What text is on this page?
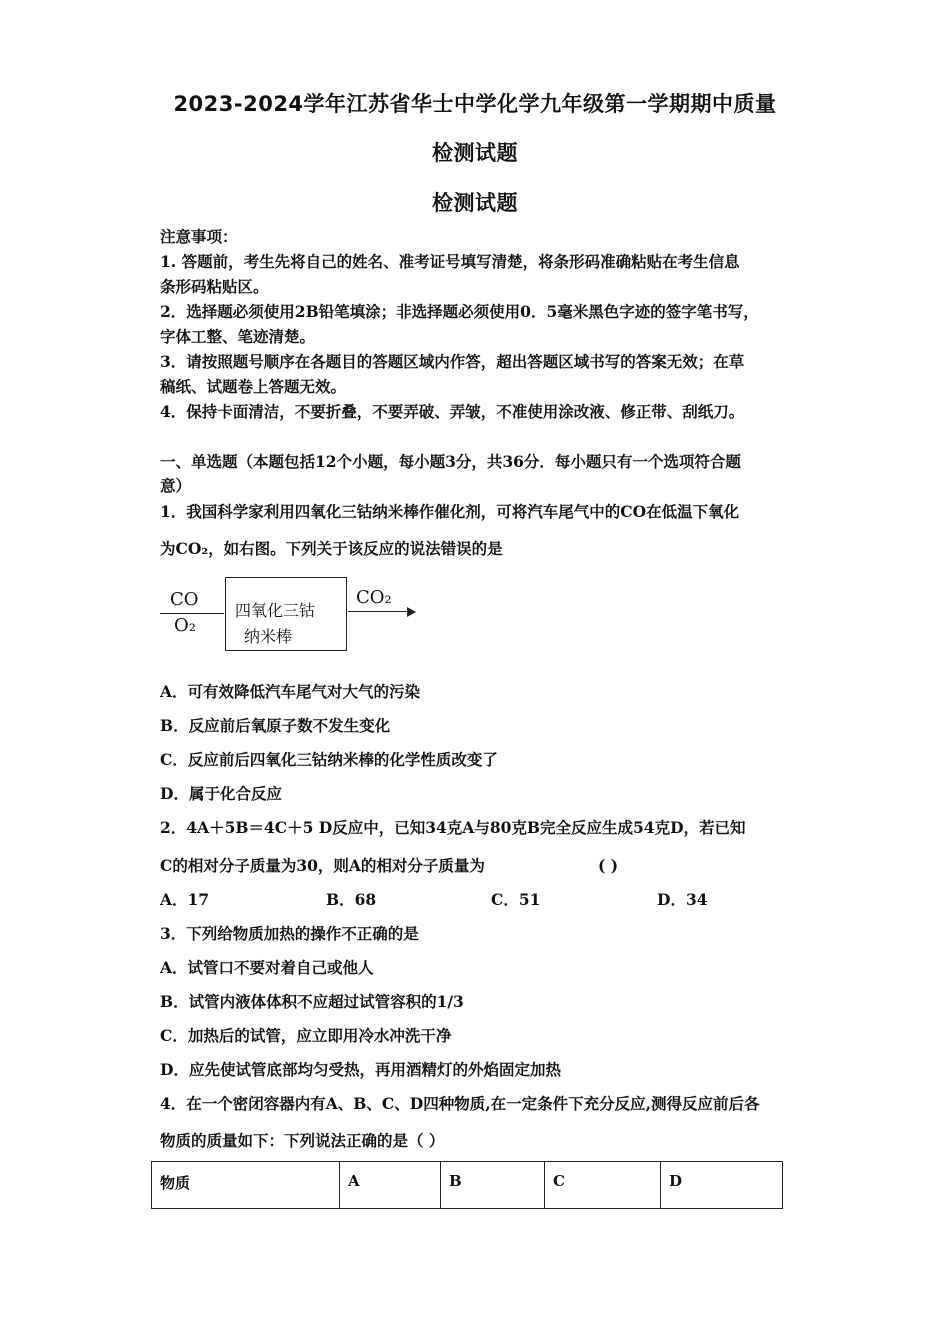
2023-2024学年江苏省华士中学化学九年级第一学期期中质量
检测试题
检测试题
注意事项：
1. 答题前，考生先将自己的姓名、准考证号填写清楚，将条形码准确粘贴在考生信息
条形码粘贴区。
2．选择题必须使用2B铅笔填涂；非选择题必须使用0．5毫米黑色字迹的签字笔书写，
字体工整、笔迹清楚。
3．请按照题号顺序在各题目的答题区域内作答，超出答题区域书写的答案无效；在草
稿纸、试题卷上答题无效。
4．保持卡面清洁，不要折叠，不要弄破、弄皱，不准使用涂改液、修正带、刮纸刀。
一、单选题（本题包括12个小题，每小题3分，共36分．每小题只有一个选项符合题
意）
1．我国科学家利用四氧化三钴纳米棒作催化剂，可将汽车尾气中的CO在低温下氧化
为CO₂，如右图。下列关于该反应的说法错误的是
CO
O₂
四氧化三钴
纳米棒
CO₂
A．可有效降低汽车尾气对大气的污染
B．反应前后氧原子数不发生变化
C．反应前后四氧化三钴纳米棒的化学性质改变了
D．属于化合反应
2．4A＋5B＝4C＋5 D反应中，已知34克A与80克B完全反应生成54克D，若已知
C的相对分子质量为30，则A的相对分子质量为	( )
A．17	B．68	C．51	D．34
3．下列给物质加热的操作不正确的是
A．试管口不要对着自己或他人
B．试管内液体体积不应超过试管容积的1/3
C．加热后的试管，应立即用冷水冲洗干净
D．应先使试管底部均匀受热，再用酒精灯的外焰固定加热
4．在一个密闭容器内有A、B、C、D四种物质,在一定条件下充分反应,测得反应前后各
物质的质量如下：下列说法正确的是（ ）
物质	A	B	C	D
